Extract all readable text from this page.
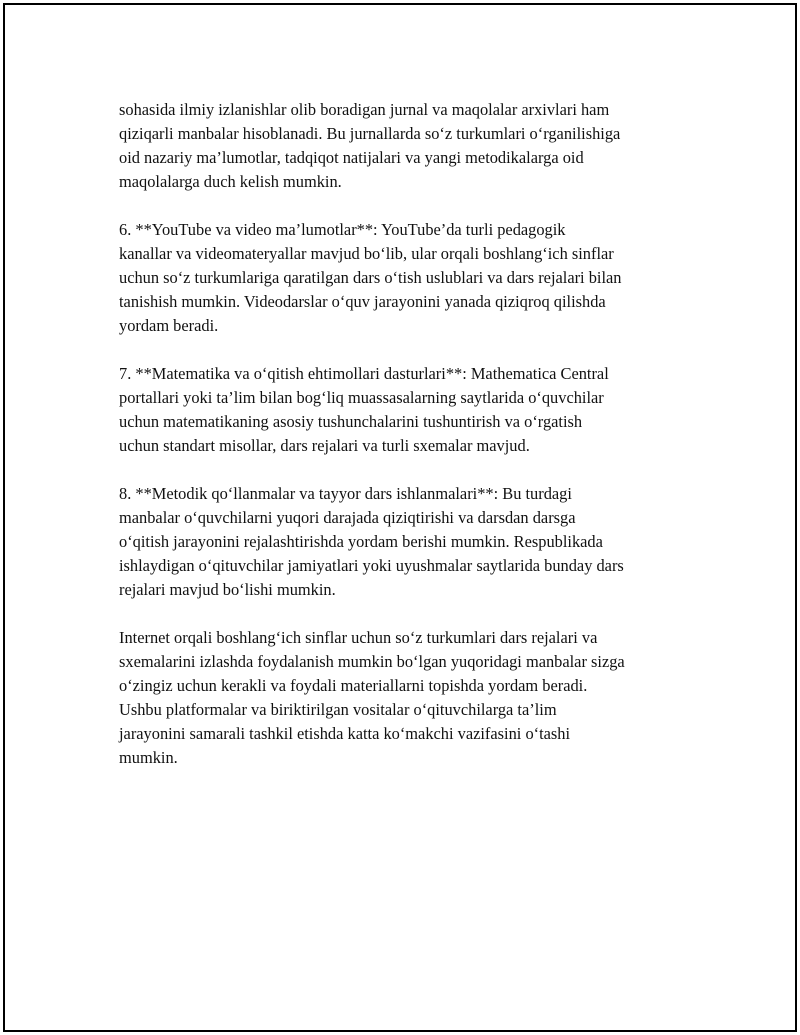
sohasida ilmiy izlanishlar olib boradigan jurnal va maqolalar arxivlari ham
qiziqarli manbalar hisoblanadi. Bu jurnallarda so‘z turkumlari o‘rganilishiga
oid nazariy ma’lumotlar, tadqiqot natijalari va yangi metodikalarga oid
maqolalarga duch kelish mumkin.

6. **YouTube va video ma’lumotlar**: YouTube’da turli pedagogik
kanallar va videomateryallar mavjud bo‘lib, ular orqali boshlang‘ich sinflar
uchun so‘z turkumlariga qaratilgan dars o‘tish uslublari va dars rejalari bilan
tanishish mumkin. Videodarslar o‘quv jarayonini yanada qiziqroq qilishda
yordam beradi.

7. **Matematika va o‘qitish ehtimollari dasturlari**: Mathematica Central
portallari yoki ta’lim bilan bog‘liq muassasalarning saytlarida o‘quvchilar
uchun matematikaning asosiy tushunchalarini tushuntirish va o‘rgatish
uchun standart misollar, dars rejalari va turli sxemalar mavjud.

8. **Metodik qo‘llanmalar va tayyor dars ishlanmalari**: Bu turdagi
manbalar o‘quvchilarni yuqori darajada qiziqtirishi va darsdan darsga
o‘qitish jarayonini rejalashtirishda yordam berishi mumkin. Respublikada
ishlaydigan o‘qituvchilar jamiyatlari yoki uyushmalar saytlarida bunday dars
rejalari mavjud bo‘lishi mumkin.

Internet orqali boshlang‘ich sinflar uchun so‘z turkumlari dars rejalari va
sxemalarini izlashda foydalanish mumkin bo‘lgan yuqoridagi manbalar sizga
o‘zingiz uchun kerakli va foydali materiallarni topishda yordam beradi.
Ushbu platformalar va biriktirilgan vositalar o‘qituvchilarga ta’lim
jarayonini samarali tashkil etishda katta ko‘makchi vazifasini o‘tashi
mumkin.
